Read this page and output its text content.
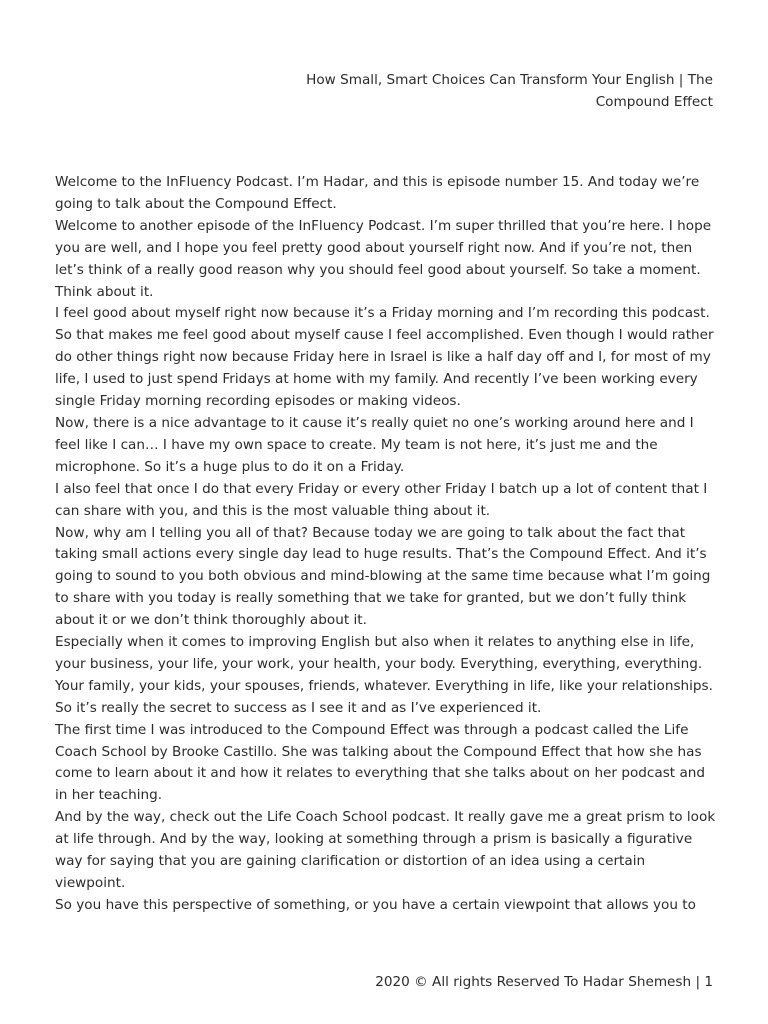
How Small, Smart Choices Can Transform Your English | The Compound Effect

Welcome to the InFluency Podcast. I’m Hadar, and this is episode number 15. And today we’re going to talk about the Compound Effect.

Welcome to another episode of the InFluency Podcast. I’m super thrilled that you’re here. I hope you are well, and I hope you feel pretty good about yourself right now. And if you’re not, then let’s think of a really good reason why you should feel good about yourself. So take a moment. Think about it.

I feel good about myself right now because it’s a Friday morning and I’m recording this podcast. So that makes me feel good about myself cause I feel accomplished. Even though I would rather do other things right now because Friday here in Israel is like a half day off and I, for most of my life, I used to just spend Fridays at home with my family. And recently I’ve been working every single Friday morning recording episodes or making videos.

Now, there is a nice advantage to it cause it’s really quiet no one’s working around here and I feel like I can… I have my own space to create. My team is not here, it’s just me and the microphone. So it’s a huge plus to do it on a Friday.

I also feel that once I do that every Friday or every other Friday I batch up a lot of content that I can share with you, and this is the most valuable thing about it.

Now, why am I telling you all of that? Because today we are going to talk about the fact that taking small actions every single day lead to huge results. That’s the Compound Effect. And it’s going to sound to you both obvious and mind-blowing at the same time because what I’m going to share with you today is really something that we take for granted, but we don’t fully think about it or we don’t think thoroughly about it.

Especially when it comes to improving English but also when it relates to anything else in life, your business, your life, your work, your health, your body. Everything, everything, everything. Your family, your kids, your spouses, friends, whatever. Everything in life, like your relationships. So it’s really the secret to success as I see it and as I’ve experienced it.

The first time I was introduced to the Compound Effect was through a podcast called the Life Coach School by Brooke Castillo. She was talking about the Compound Effect that how she has come to learn about it and how it relates to everything that she talks about on her podcast and in her teaching.

And by the way, check out the Life Coach School podcast. It really gave me a great prism to look at life through. And by the way, looking at something through a prism is basically a figurative way for saying that you are gaining clarification or distortion of an idea using a certain viewpoint.

So you have this perspective of something, or you have a certain viewpoint that allows you to

2020 © All rights Reserved To Hadar Shemesh | 1
